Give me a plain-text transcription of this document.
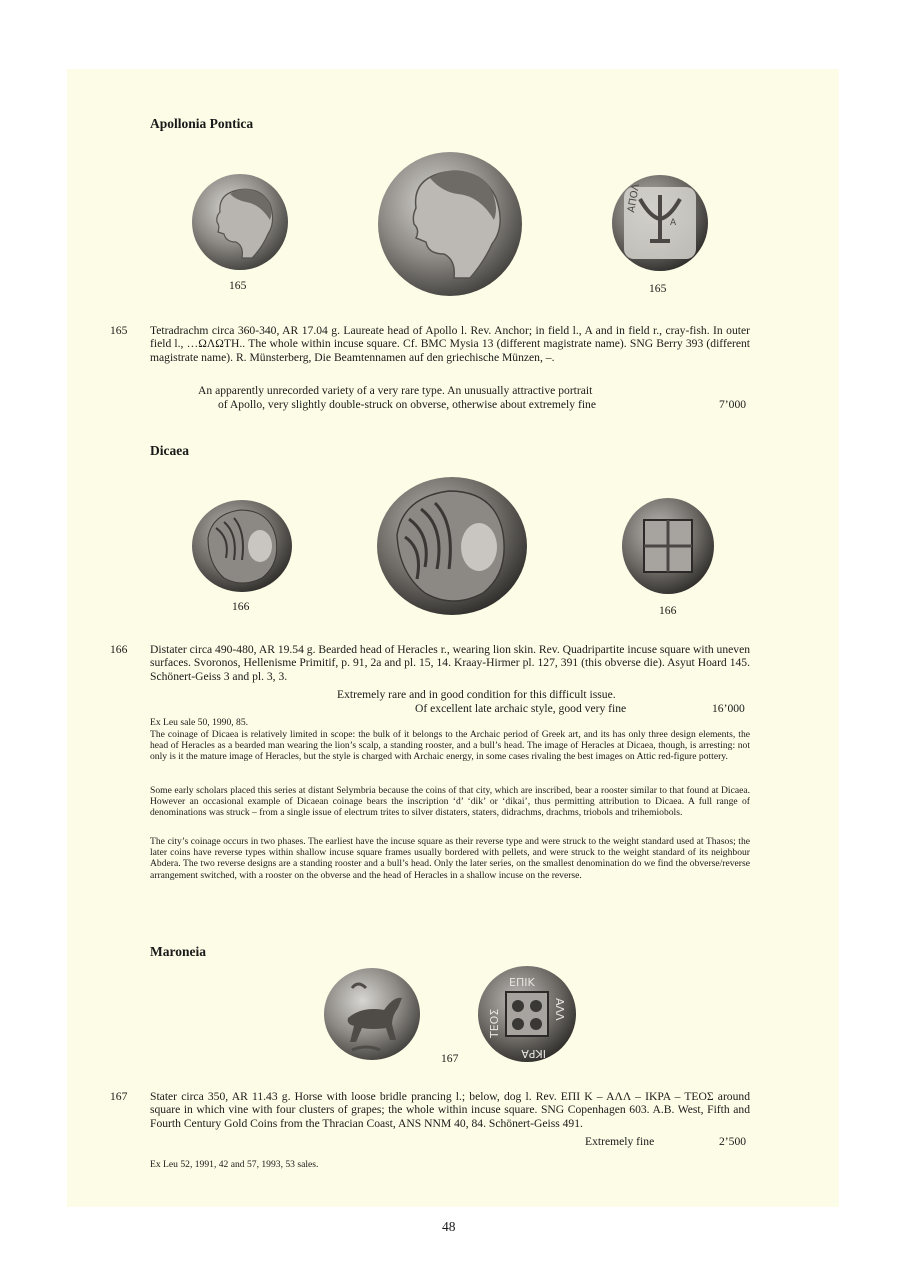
Apollonia Pontica
ΑΠΟΛ
Α
165	165
165 Tetradrachm circa 360-340, AR 17.04 g. Laureate head of Apollo l. Rev. Anchor; in field l., A and in field r., cray-fish. In outer field l., …ΩΛΩΤΗ.. The whole within incuse square. Cf. BMC Mysia 13 (different magistrate name). SNG Berry 393 (different magistrate name). R. Münsterberg, Die Beamtennamen auf den griechische Münzen, –.
An apparently unrecorded variety of a very rare type. An unusually attractive portrait
of Apollo, very slightly double-struck on obverse, otherwise about extremely fine	7’000
Dicaea
166	166
166 Distater circa 490-480, AR 19.54 g. Bearded head of Heracles r., wearing lion skin. Rev. Quadripartite incuse square with uneven surfaces. Svoronos, Hellenisme Primitif, p. 91, 2a and pl. 15, 14. Kraay-Hirmer pl. 127, 391 (this obverse die). Asyut Hoard 145. Schönert-Geiss 3 and pl. 3, 3.
Extremely rare and in good condition for this difficult issue.
Of excellent late archaic style, good very fine	16’000
Ex Leu sale 50, 1990, 85.
The coinage of Dicaea is relatively limited in scope: the bulk of it belongs to the Archaic period of Greek art, and its has only three design elements, the head of Heracles as a bearded man wearing the lion’s scalp, a standing rooster, and a bull’s head. The image of Heracles at Dicaea, though, is arresting: not only is it the mature image of Heracles, but the style is charged with Archaic energy, in some cases rivaling the best images on Attic red-figure pottery.
Some early scholars placed this series at distant Selymbria because the coins of that city, which are inscribed, bear a rooster similar to that found at Dicaea. However an occasional example of Dicaean coinage bears the inscription ‘d’ ‘dik’ or ‘dikai’, thus permitting attribution to Dicaea. A full range of denominations was struck – from a single issue of electrum trites to silver distaters, staters, didrachms, drachms, triobols and trihemiobols.
The city’s coinage occurs in two phases. The earliest have the incuse square as their reverse type and were struck to the weight standard used at Thasos; the later coins have reverse types within shallow incuse square frames usually bordered with pellets, and were struck to the weight standard of its neighbour Abdera. The two reverse designs are a standing rooster and a bull’s head. Only the later series, on the smallest denomination do we find the obverse/reverse arrangement switched, with a rooster on the obverse and the head of Heracles in a shallow incuse on the reverse.
Maroneia
ΕΠΙΚ
ΑΛΛ
ΙΚΡΑ
ΤΕΟΣ
167
167 Stater circa 350, AR 11.43 g. Horse with loose bridle prancing l.; below, dog l. Rev. ΕΠΙ Κ – ΑΛΛ – ΙΚΡΑ – ΤΕΟΣ around square in which vine with four clusters of grapes; the whole within incuse square. SNG Copenhagen 603. A.B. West, Fifth and Fourth Century Gold Coins from the Thracian Coast, ANS NNM 40, 84. Schönert-Geiss 491.
Extremely fine	2’500
Ex Leu 52, 1991, 42 and 57, 1993, 53 sales.
48
